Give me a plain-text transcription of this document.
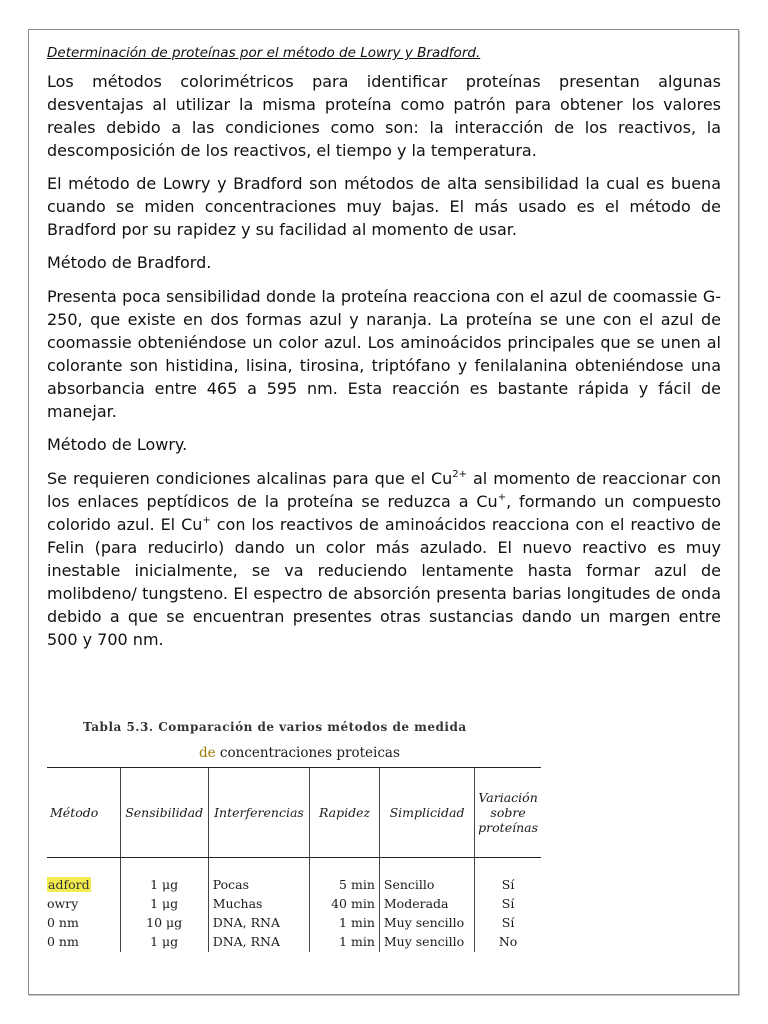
Determinación de proteínas por el método de Lowry y Bradford.

Los métodos colorimétricos para identificar proteínas presentan algunas desventajas al utilizar la misma proteína como patrón para obtener los valores reales debido a las condiciones como son: la interacción de los reactivos, la descomposición de los reactivos, el tiempo y la temperatura.

El método de Lowry y Bradford son métodos de alta sensibilidad la cual es buena cuando se miden concentraciones muy bajas. El más usado es el método de Bradford por su rapidez y su facilidad al momento de usar.

Método de Bradford.

Presenta poca sensibilidad donde la proteína reacciona con el azul de coomassie G-250, que existe en dos formas azul y naranja. La proteína se une con el azul de coomassie obteniéndose un color azul. Los aminoácidos principales que se unen al colorante son histidina, lisina, tirosina, triptófano y fenilalanina obteniéndose una absorbancia entre 465 a 595 nm. Esta reacción es bastante rápida y fácil de manejar.

Método de Lowry.

Se requieren condiciones alcalinas para que el $Cu^{2+}$ al momento de reaccionar con los enlaces peptídicos de la proteína se reduzca a Cu+, formando un compuesto colorido azul. El Cu+ con los reactivos de aminoácidos reacciona con el reactivo de Felin (para reducirlo) dando un color más azulado. El nuevo reactivo es muy inestable inicialmente, se va reduciendo lentamente hasta formar azul de molibdeno/ tungsteno. El espectro de absorción presenta barias longitudes de onda debido a que se encuentran presentes otras sustancias dando un margen entre 500 y 700 nm.

Tabla 5.3. Comparación de varios métodos de medida
de concentraciones proteicas
Método	Sensibilidad	Interferencias	Rapidez	Simplicidad	Variación sobre proteínas
adford	1 μg	Pocas	5 min	Sencillo	Sí
owry	1 μg	Muchas	40 min	Moderada	Sí
0 nm	10 μg	DNA, RNA	1 min	Muy sencillo	Sí
0 nm	1 μg	DNA, RNA	1 min	Muy sencillo	No
